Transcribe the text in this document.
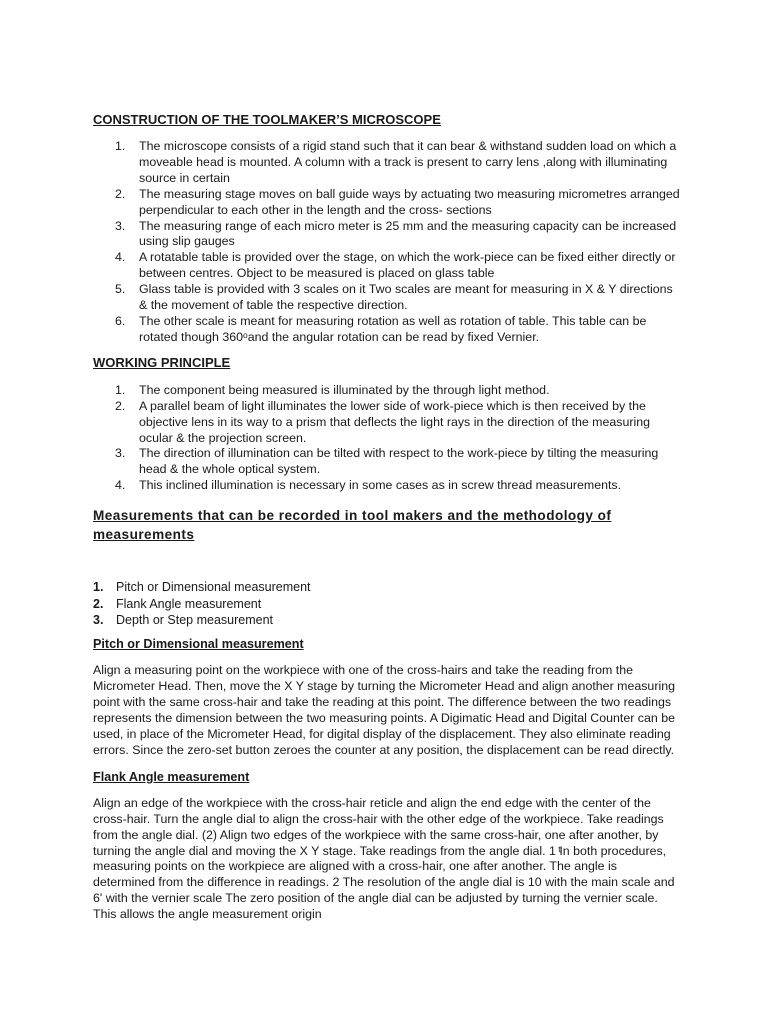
CONSTRUCTION OF THE TOOLMAKER’S MICROSCOPE
1. The microscope consists of a rigid stand such that it can bear & withstand sudden load on which a moveable head is mounted. A column with a track is present to carry lens ,along with illuminating source in certain
2. The measuring stage moves on ball guide ways by actuating two measuring micrometres arranged perpendicular to each other in the length and the cross- sections
3. The measuring range of each micro meter is 25 mm and the measuring capacity can be increased using slip gauges
4. A rotatable table is provided over the stage, on which the work-piece can be fixed either directly or between centres. Object to be measured is placed on glass table
5. Glass table is provided with 3 scales on it Two scales are meant for measuring in X & Y directions & the movement of table the respective direction.
6. The other scale is meant for measuring rotation as well as rotation of table. This table can be rotated though 360ᵒand the angular rotation can be read by fixed Vernier.
WORKING PRINCIPLE
1. The component being measured is illuminated by the through light method.
2. A parallel beam of light illuminates the lower side of work-piece which is then received by the objective lens in its way to a prism that deflects the light rays in the direction of the measuring ocular & the projection screen.
3. The direction of illumination can be tilted with respect to the work-piece by tilting the measuring head & the whole optical system.
4. This inclined illumination is necessary in some cases as in screw thread measurements.
Measurements that can be recorded in tool makers and the methodology of measurements
1. Pitch or Dimensional measurement
2. Flank Angle measurement
3. Depth or Step measurement
Pitch or Dimensional measurement

Align a measuring point on the workpiece with one of the cross-hairs and take the reading from the Micrometer Head. Then, move the X Y stage by turning the Micrometer Head and align another measuring point with the same cross-hair and take the reading at this point. The difference between the two readings represents the dimension between the two measuring points. A Digimatic Head and Digital Counter can be used, in place of the Micrometer Head, for digital display of the displacement. They also eliminate reading errors. Since the zero-set button zeroes the counter at any position, the displacement can be read directly.

Flank Angle measurement

Align an edge of the workpiece with the cross-hair reticle and align the end edge with the center of the cross-hair. Turn the angle dial to align the cross-hair with the other edge of the workpiece. Take readings from the angle dial. (2) Align two edges of the workpiece with the same cross-hair, one after another, by turning the angle dial and moving the X Y stage. Take readings from the angle dial. 1 ͭIn both procedures, measuring points on the workpiece are aligned with a cross-hair, one after another. The angle is determined from the difference in readings. 2 The resolution of the angle dial is 10 with the main scale and 6' with the vernier scale The zero position of the angle dial can be adjusted by turning the vernier scale. This allows the angle measurement origin
